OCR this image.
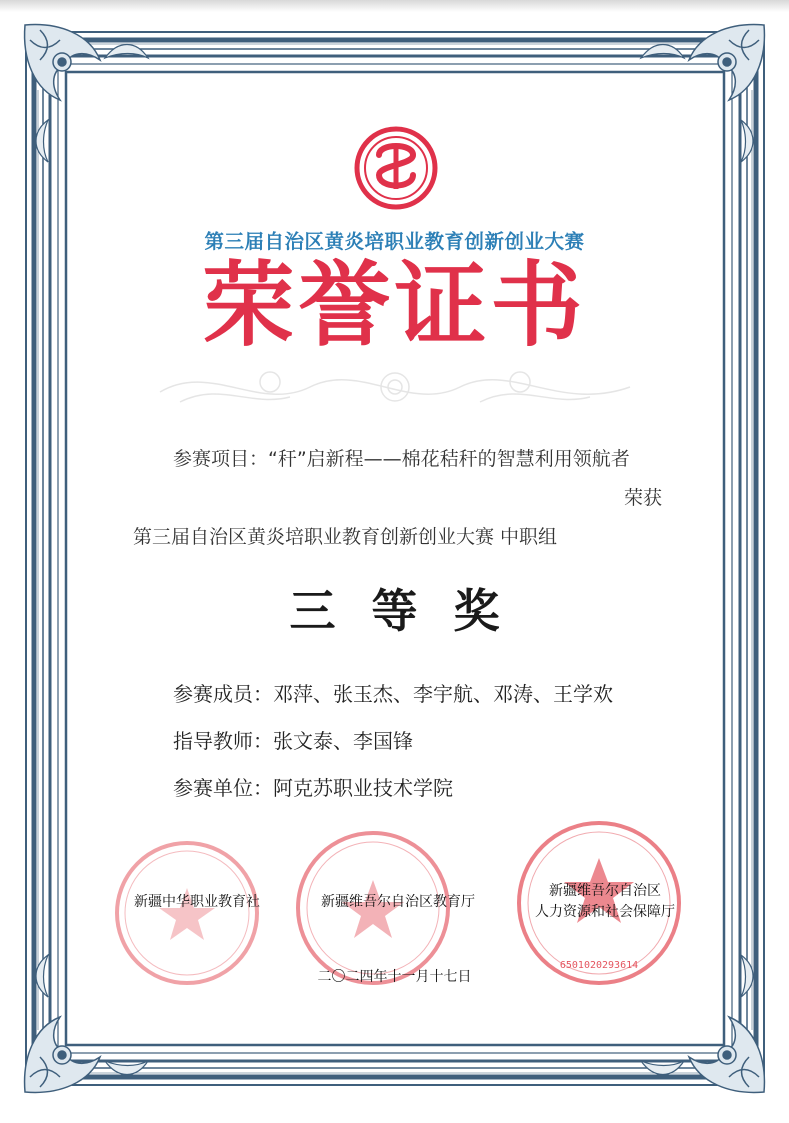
第三届自治区黄炎培职业教育创新创业大赛
荣誉证书
参赛项目：“秆”启新程——棉花秸秆的智慧利用领航者
荣获
第三届自治区黄炎培职业教育创新创业大赛 中职组
三等奖
参赛成员：邓萍、张玉杰、李宇航、邓涛、王学欢
指导教师：张文泰、李国锋
参赛单位：阿克苏职业技术学院
6501020293614
新疆中华职业教育社	新疆维吾尔自治区教育厅
新疆维吾尔自治区
人力资源和社会保障厅
二〇二四年十一月十七日
